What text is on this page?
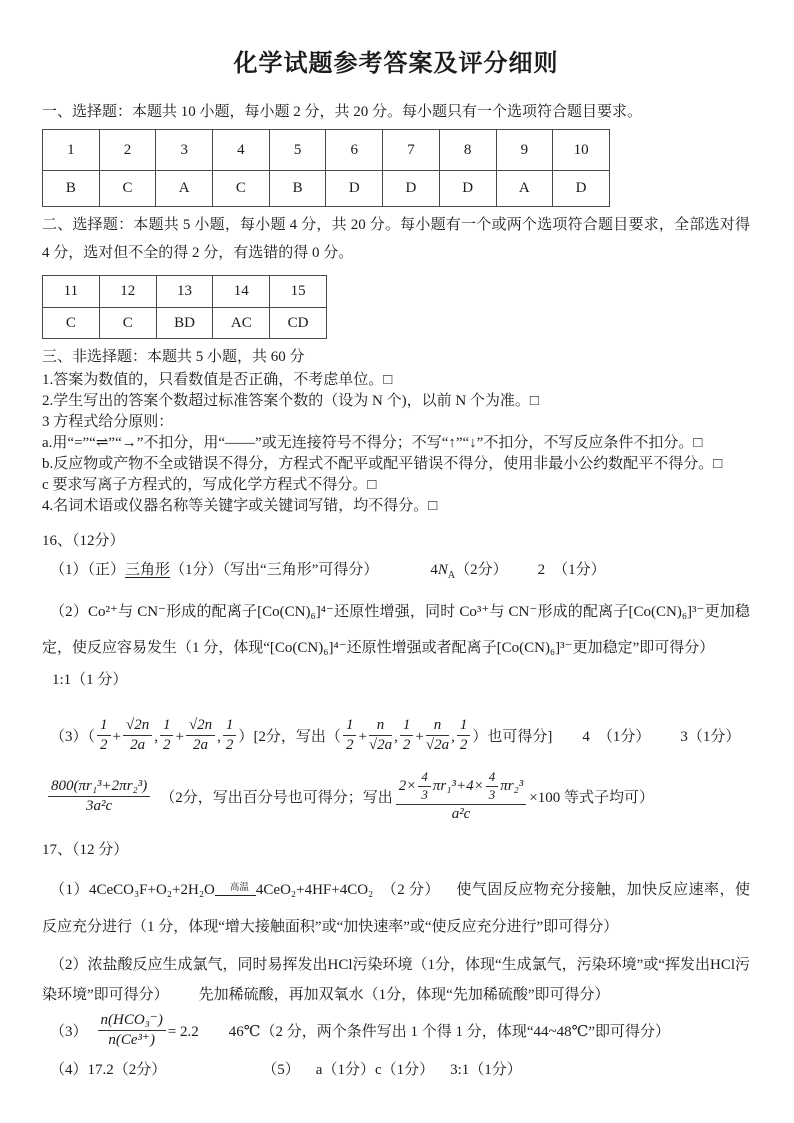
化学试题参考答案及评分细则

一、选择题：本题共 10 小题，每小题 2 分，共 20 分。每小题只有一个选项符合题目要求。

1	2	3	4	5	6	7	8	9	10
B	C	A	C	B	D	D	D	A	D

二、选择题：本题共 5 小题，每小题 4 分，共 20 分。每小题有一个或两个选项符合题目要求，全部选对得 4 分，选对但不全的得 2 分，有选错的得 0 分。

11	12	13	14	15
C	C	BD	AC	CD

三、非选择题：本题共 5 小题，共 60 分

1.答案为数值的，只看数值是否正确，不考虑单位。□

2.学生写出的答案个数超过标准答案个数的（设为 N 个)，以前 N 个为准。□

3 方程式给分原则：

a.用“=”“⇌”“→”不扣分，用“——”或无连接符号不得分；不写“↑”“↓”不扣分，不写反应条件不扣分。□

b.反应物或产物不全或错误不得分，方程式不配平或配平错误不得分，使用非最小公约数配平不得分。□

c 要求写离子方程式的，写成化学方程式不得分。□

4.名词术语或仪器名称等关键字或关键词写错，均不得分。□

16、（12分）

（1）（正）三角形（1分）（写出“三角形”可得分）	$4N_A(2$分） 2 （1分）

（2）Co²⁺与 CN⁻形成的配离子[Co(CN)₆]⁴⁻还原性增强，同时 Co³⁺与 CN⁻形成的配离子[Co(CN)₆]³⁻更加稳定，使反应容易发生（1 分，体现“[Co(CN)₆]⁴⁻还原性增强或者配离子[Co(CN)₆]³⁻更加稳定”即可得分）

1:1（1 分）

$(3)( \frac{1}{2} + \frac{√2n}{2a}$ , $\frac{1}{2} + \frac{√2n}{2a}$ , $\frac{1}{2} )[2$分，写出（ $\frac{1}{2} + \frac{n}{√2a}$ , $\frac{1}{2} + \frac{n}{√2a}$ , $\frac{1}{2}$ ）也可得分] 4 （1分） 3（1分）

$\frac{\text{800(πr₁³+2πr₂³)}}{\text{3a²c}} (2$分，写出百分号也可得分；写出 $\frac{2\times \frac{4}{3} \pi r_1^3+4\times \frac{4}{3} \pi r_2^3}{\text{a²c}} \times 100$ 等式子均可）

17、（12 分）

（1）4CeCO₃F+O₂+2H₂O	高温 4CeO₂+4HF+4CO₂ （2 分） 使气固反应物充分接触，加快反应速率，使反应充分进行（1 分，体现“增大接触面积”或“加快速率”或“使反应充分进行”即可得分）

（2）浓盐酸反应生成氯气，同时易挥发出HCl污染环境（1分，体现“生成氯气，污染环境”或“挥发出HCl污染环境”即可得分） 先加稀硫酸，再加双氧水（1分，体现“先加稀硫酸”即可得分）

$(3) \frac{\text{n(HCO₃⁻)}}{\text{n(Ce³⁺)}} = 2.2$ 46℃（2 分，两个条件写出 1 个得 1 分，体现“44~48℃”即可得分）

（4）17.2（2分）	（5） a（1分）c（1分） 3:1（1分）
